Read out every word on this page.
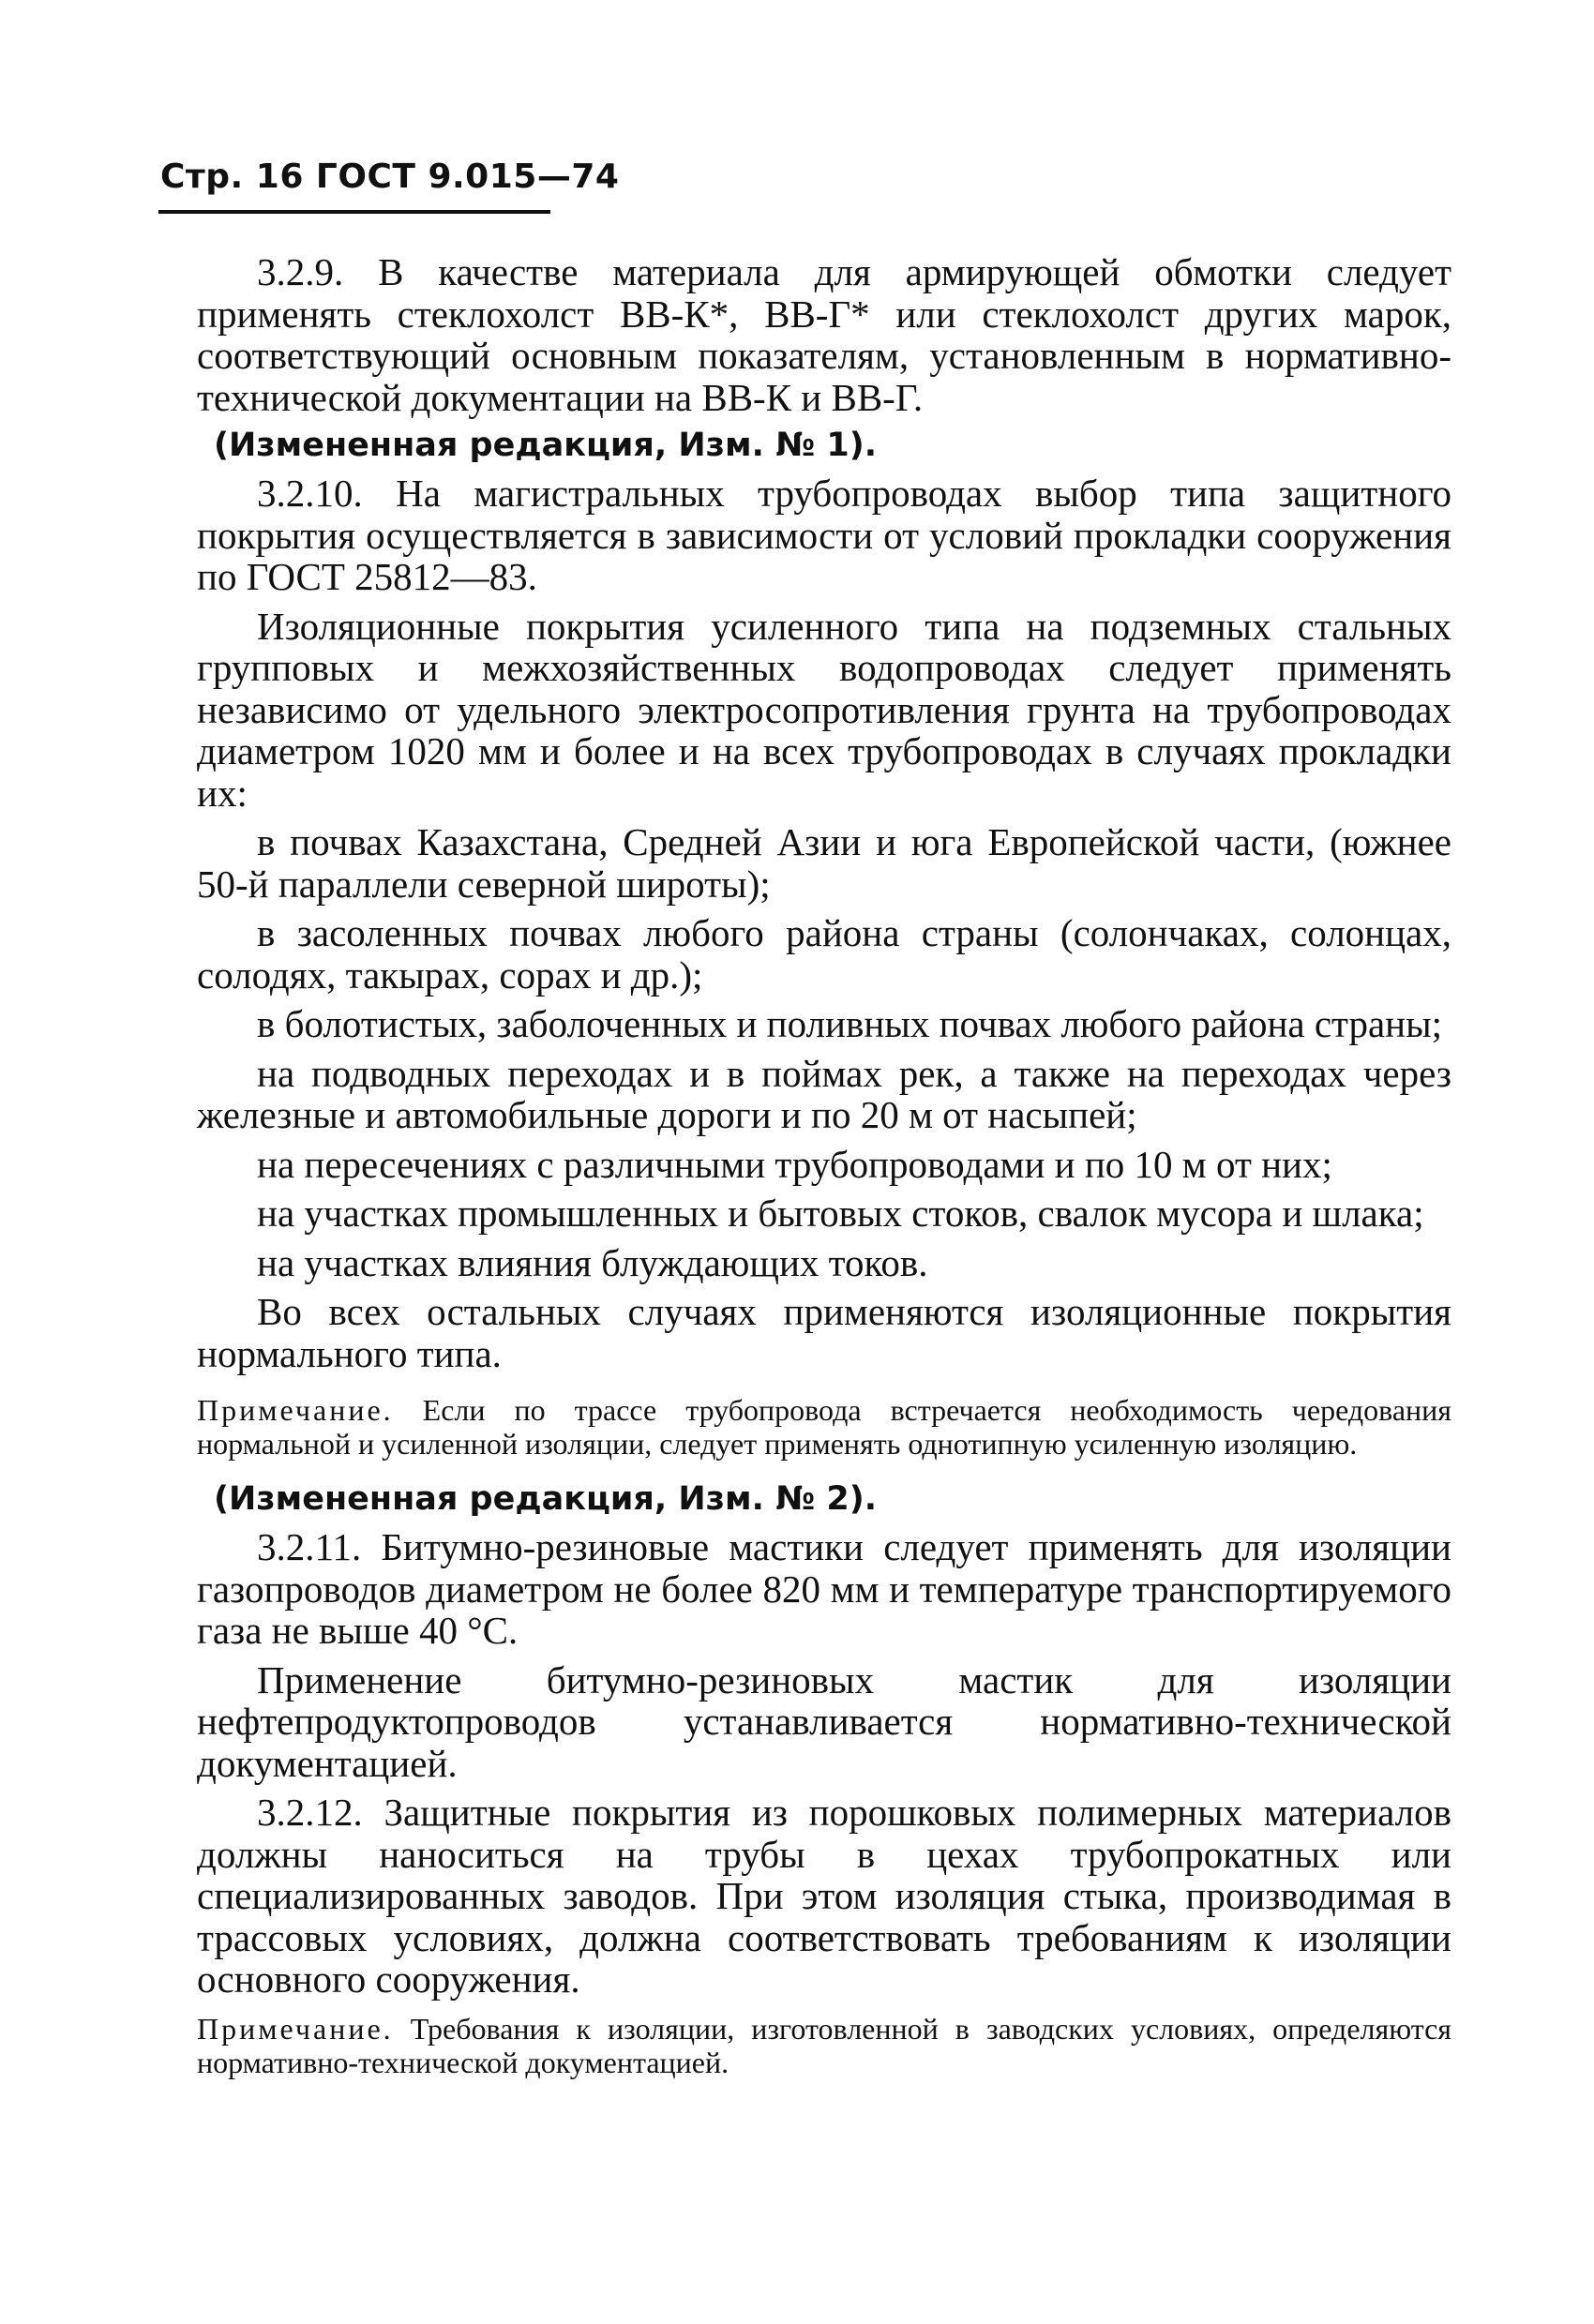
Стр. 16 ГОСТ 9.015—74

3.2.9. В качестве материала для армирующей обмотки следует применять стеклохолст ВВ-К*, ВВ-Г* или стеклохолст других марок, соответствующий основным показателям, установленным в нормативно-технической документации на ВВ-К и ВВ-Г.

(Измененная редакция, Изм. № 1).

3.2.10. На магистральных трубопроводах выбор типа защитного покрытия осуществляется в зависимости от условий прокладки сооружения по ГОСТ 25812—83.

Изоляционные покрытия усиленного типа на подземных стальных групповых и межхозяйственных водопроводах следует применять независимо от удельного электросопротивления грунта на трубопроводах диаметром 1020 мм и более и на всех трубопроводах в случаях прокладки их:

в почвах Казахстана, Средней Азии и юга Европейской части, (южнее 50-й параллели северной широты);

в засоленных почвах любого района страны (солончаках, солонцах, солодях, такырах, сорах и др.);

в болотистых, заболоченных и поливных почвах любого района страны;

на подводных переходах и в поймах рек, а также на переходах через железные и автомобильные дороги и по 20 м от насыпей;

на пересечениях с различными трубопроводами и по 10 м от них;

на участках промышленных и бытовых стоков, свалок мусора и шлака;

на участках влияния блуждающих токов.

Во всех остальных случаях применяются изоляционные покрытия нормального типа.

Примечание. Если по трассе трубопровода встречается необходимость чередования нормальной и усиленной изоляции, следует применять однотипную усиленную изоляцию.

(Измененная редакция, Изм. № 2).

3.2.11. Битумно-резиновые мастики следует применять для изоляции газопроводов диаметром не более 820 мм и температуре транспортируемого газа не выше 40 °С.

Применение битумно-резиновых мастик для изоляции нефтепродуктопроводов устанавливается нормативно-технической документацией.

3.2.12. Защитные покрытия из порошковых полимерных материалов должны наноситься на трубы в цехах трубопрокатных или специализированных заводов. При этом изоляция стыка, производимая в трассовых условиях, должна соответствовать требованиям к изоляции основного сооружения.

Примечание. Требования к изоляции, изготовленной в заводских условиях, определяются нормативно-технической документацией.
